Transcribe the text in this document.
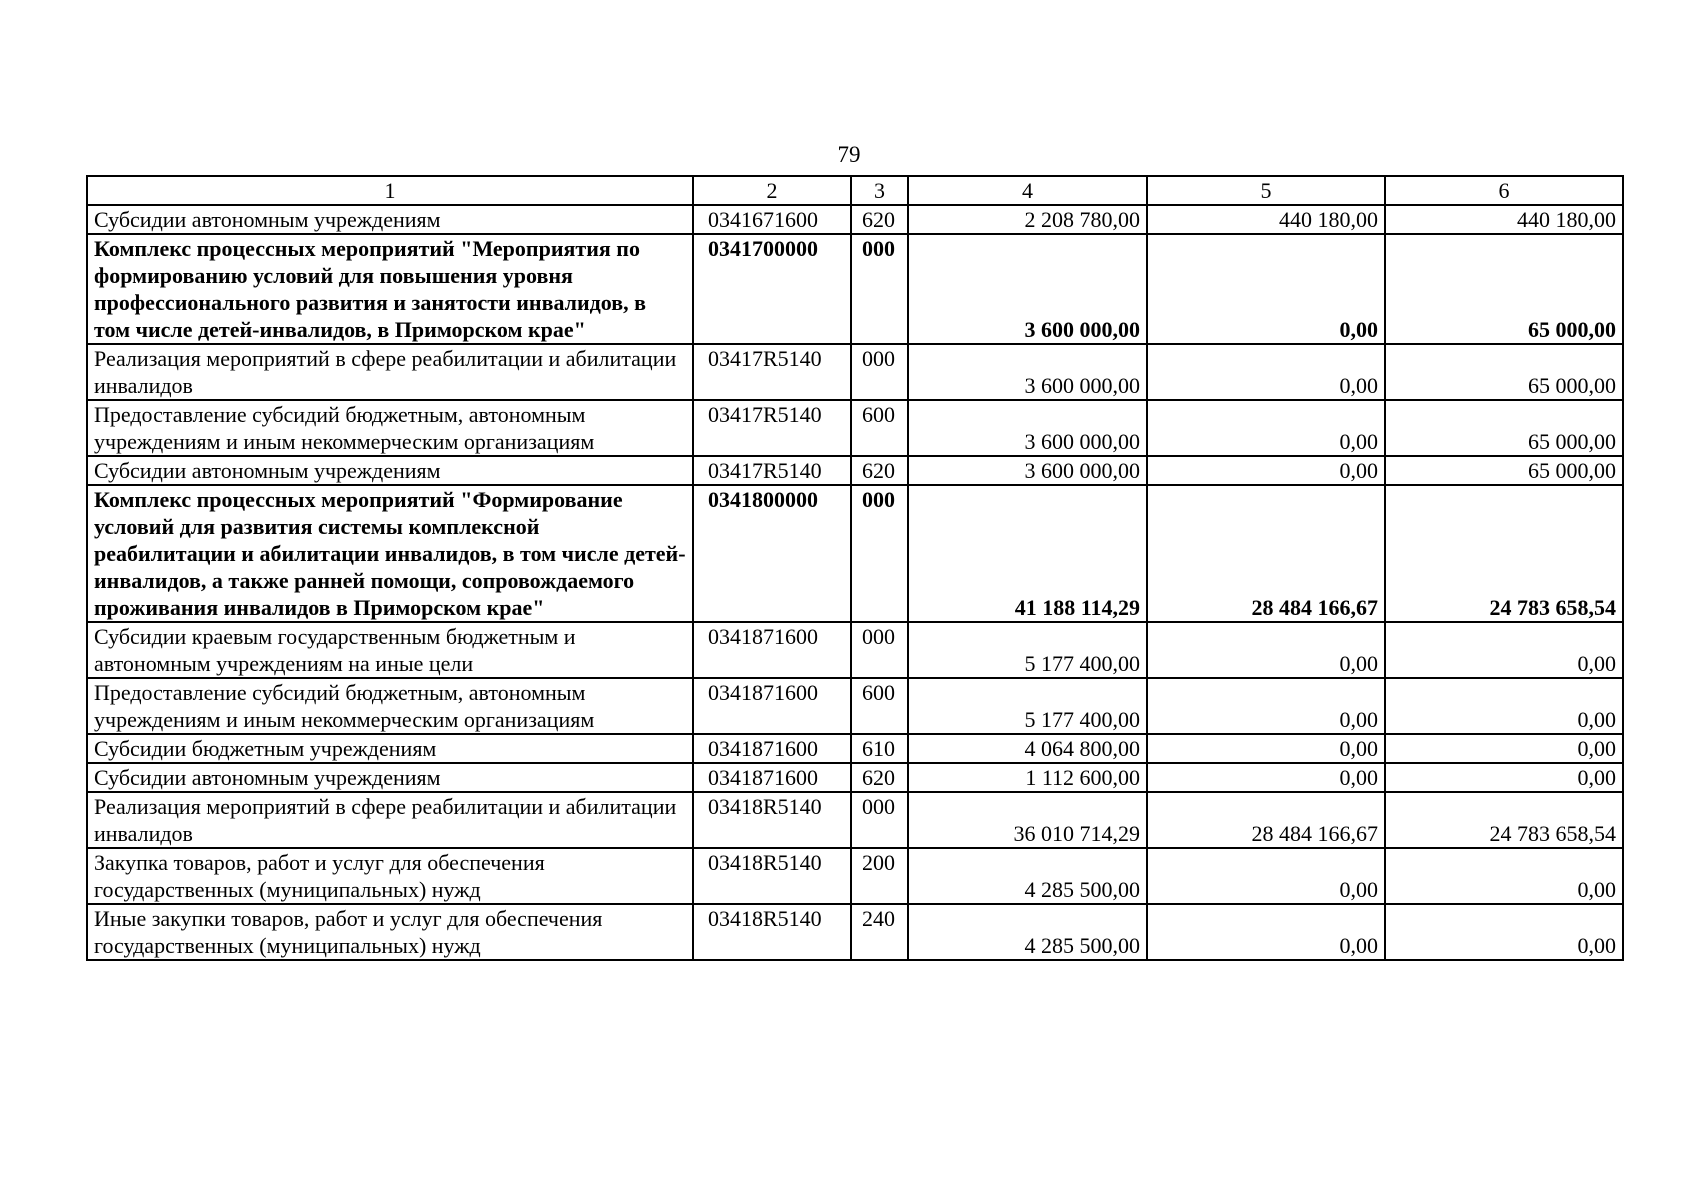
79
1	2	3	4	5	6
Субсидии автономным учреждениям	0341671600	620	2 208 780,00	440 180,00	440 180,00
Комплекс процессных мероприятий "Мероприятия по формированию условий для повышения уровня профессионального развития и занятости инвалидов, в том числе детей-инвалидов, в Приморском крае"	0341700000	000	3 600 000,00	0,00	65 000,00
Реализация мероприятий в сфере реабилитации и абилитации инвалидов	03417R5140	000	3 600 000,00	0,00	65 000,00
Предоставление субсидий бюджетным, автономным учреждениям и иным некоммерческим организациям	03417R5140	600	3 600 000,00	0,00	65 000,00
Субсидии автономным учреждениям	03417R5140	620	3 600 000,00	0,00	65 000,00
Комплекс процессных мероприятий "Формирование условий для развития системы комплексной реабилитации и абилитации инвалидов, в том числе детей-инвалидов, а также ранней помощи, сопровождаемого проживания инвалидов в Приморском крае"	0341800000	000	41 188 114,29	28 484 166,67	24 783 658,54
Субсидии краевым государственным бюджетным и автономным учреждениям на иные цели	0341871600	000	5 177 400,00	0,00	0,00
Предоставление субсидий бюджетным, автономным учреждениям и иным некоммерческим организациям	0341871600	600	5 177 400,00	0,00	0,00
Субсидии бюджетным учреждениям	0341871600	610	4 064 800,00	0,00	0,00
Субсидии автономным учреждениям	0341871600	620	1 112 600,00	0,00	0,00
Реализация мероприятий в сфере реабилитации и абилитации инвалидов	03418R5140	000	36 010 714,29	28 484 166,67	24 783 658,54
Закупка товаров, работ и услуг для обеспечения государственных (муниципальных) нужд	03418R5140	200	4 285 500,00	0,00	0,00
Иные закупки товаров, работ и услуг для обеспечения государственных (муниципальных) нужд	03418R5140	240	4 285 500,00	0,00	0,00
